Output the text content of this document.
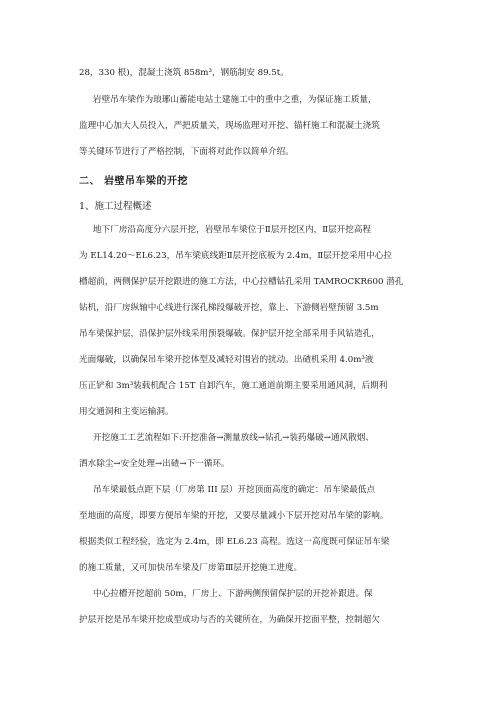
28，330 根)，混凝土浇筑 858m³，钢筋制安 89.5t。
岩壁吊车梁作为琅琊山蓄能电站土建施工中的重中之重，为保证施工质量，
监理中心加大人员投入，严把质量关，现场监理对开挖、锚杆施工和混凝土浇筑
等关键环节进行了严格控制，下面将对此作以简单介绍。
二、 岩壁吊车梁的开挖
1、施工过程概述
地下厂房沿高度分六层开挖，岩壁吊车梁位于Ⅱ层开挖区内，Ⅱ层开挖高程
为 EL14.20～EL6.23，吊车梁底线距Ⅱ层开挖底板为 2.4m，Ⅱ层开挖采用中心拉
槽超前，两侧保护层开挖跟进的施工方法，中心拉槽钻孔采用 TAMROCKR600 潜孔
钻机，沿厂房纵轴中心线进行深孔梯段爆破开挖，靠上、下游侧岩壁预留 3.5m
吊车梁保护层，沿保护层外线采用预裂爆破。保护层开挖全部采用手风钻造孔，
光面爆破，以确保吊车梁开挖体型及减轻对围岩的扰动。出碴机采用 4.0m³液
压正铲和 3m³装载机配合 15T 自卸汽车，施工通道前期主要采用通风洞，后期利
用交通洞和主变运输洞。
开挖施工工艺流程如下:开挖准备→测量放线→钻孔→装药爆破→通风散烟、
洒水除尘→安全处理→出碴→下一循环。
吊车梁最低点距下层（厂房第 III 层）开挖顶面高度的确定：吊车梁最低点
至地面的高度，即要方便吊车梁的开挖，又要尽量减小下层开挖对吊车梁的影响。
根据类似工程经验，选定为 2.4m，即 EL6.23 高程。选这一高度既可保证吊车梁
的施工质量，又可加快吊车梁及厂房第Ⅲ层开挖施工进度。
中心拉槽开挖超前 50m，厂房上、下游两侧预留保护层的开挖补跟进。保
护层开挖是吊车梁开挖成型成功与否的关键所在，为确保开挖面平整，控制超欠
